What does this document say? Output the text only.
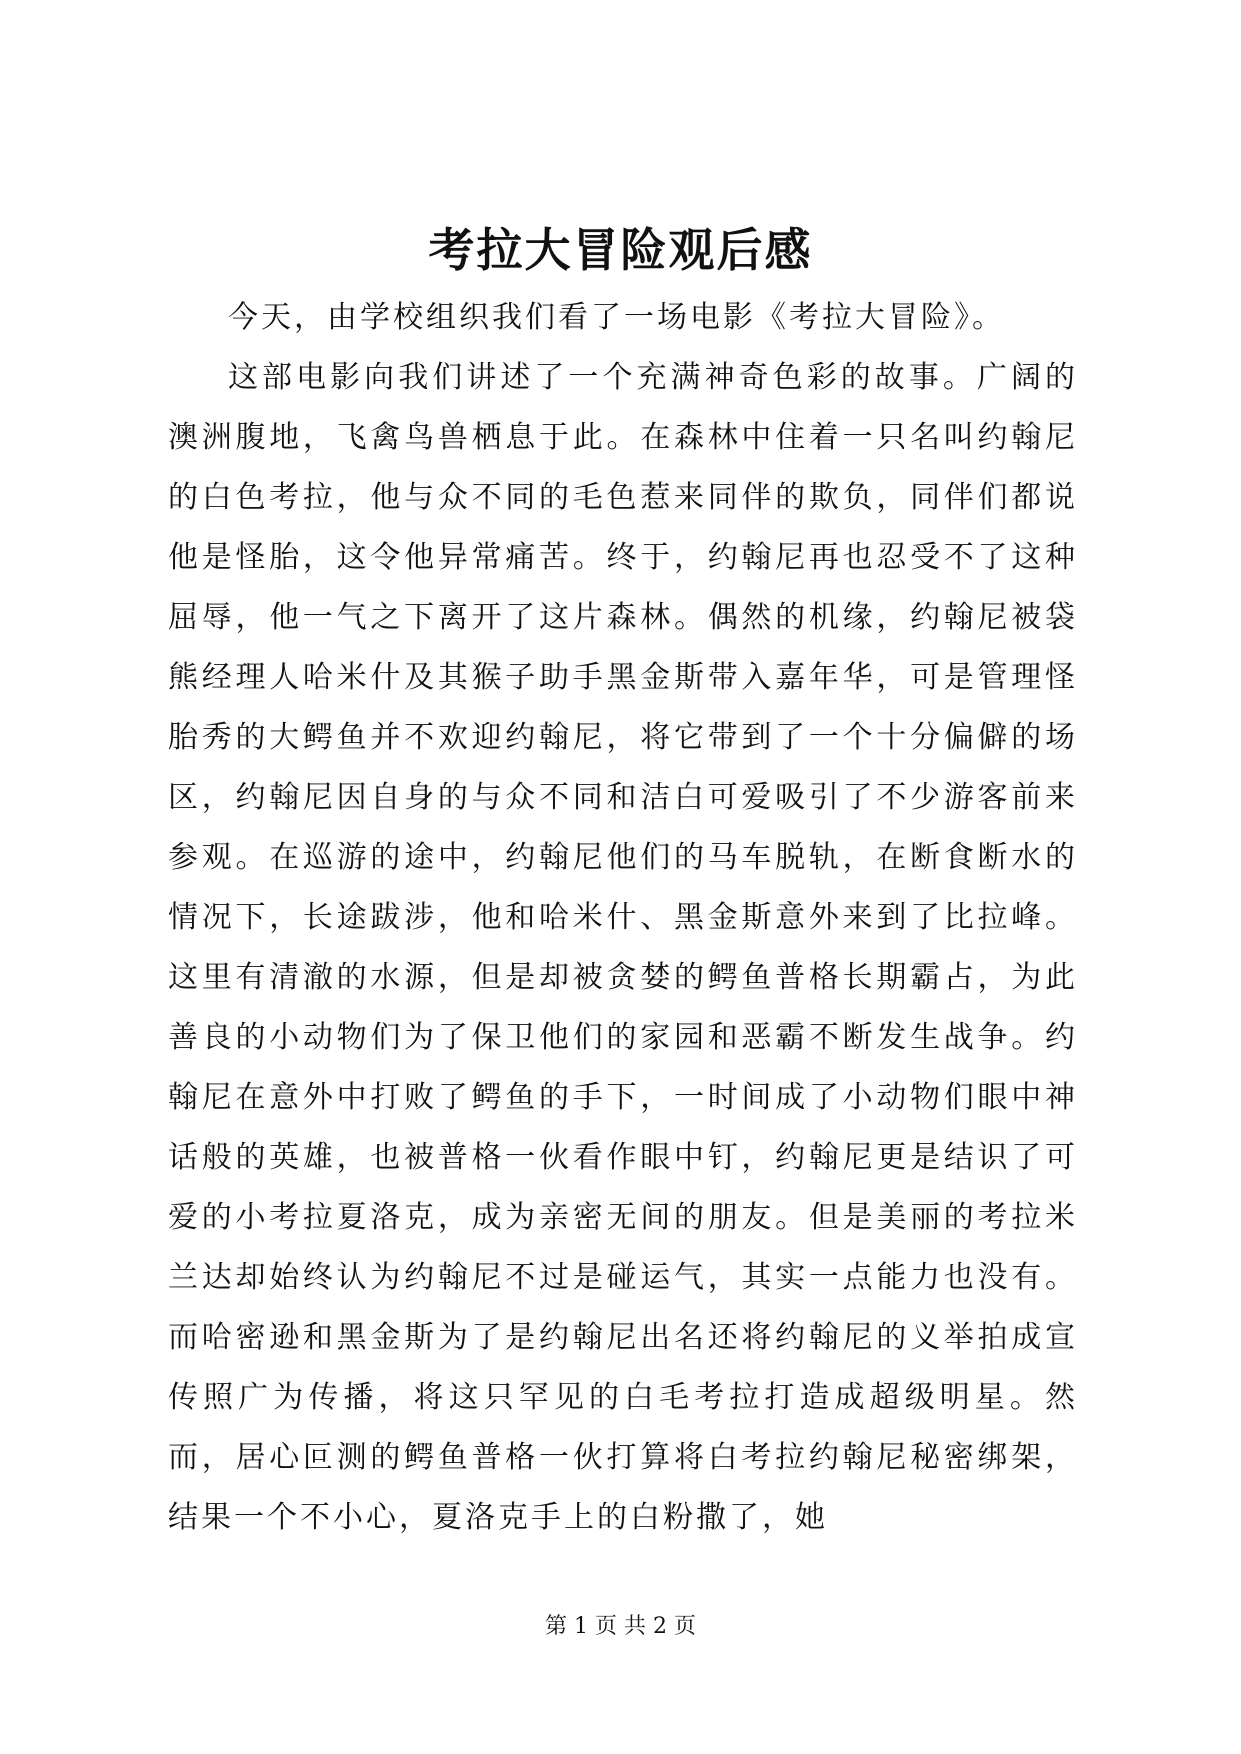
考拉大冒险观后感

今天，由学校组织我们看了一场电影《考拉大冒险》。

这部电影向我们讲述了一个充满神奇色彩的故事。广阔的澳洲腹地，飞禽鸟兽栖息于此。在森林中住着一只名叫约翰尼的白色考拉，他与众不同的毛色惹来同伴的欺负，同伴们都说他是怪胎，这令他异常痛苦。终于，约翰尼再也忍受不了这种屈辱，他一气之下离开了这片森林。偶然的机缘，约翰尼被袋熊经理人哈米什及其猴子助手黑金斯带入嘉年华，可是管理怪胎秀的大鳄鱼并不欢迎约翰尼，将它带到了一个十分偏僻的场区，约翰尼因自身的与众不同和洁白可爱吸引了不少游客前来参观。在巡游的途中，约翰尼他们的马车脱轨，在断食断水的情况下，长途跋涉，他和哈米什、黑金斯意外来到了比拉峰。这里有清澈的水源，但是却被贪婪的鳄鱼普格长期霸占，为此善良的小动物们为了保卫他们的家园和恶霸不断发生战争。约翰尼在意外中打败了鳄鱼的手下，一时间成了小动物们眼中神话般的英雄，也被普格一伙看作眼中钉，约翰尼更是结识了可爱的小考拉夏洛克，成为亲密无间的朋友。但是美丽的考拉米兰达却始终认为约翰尼不过是碰运气，其实一点能力也没有。而哈密逊和黑金斯为了是约翰尼出名还将约翰尼的义举拍成宣传照广为传播，将这只罕见的白毛考拉打造成超级明星。然而，居心叵测的鳄鱼普格一伙打算将白考拉约翰尼秘密绑架，结果一个不小心，夏洛克手上的白粉撒了，她

第 1 页 共 2 页
